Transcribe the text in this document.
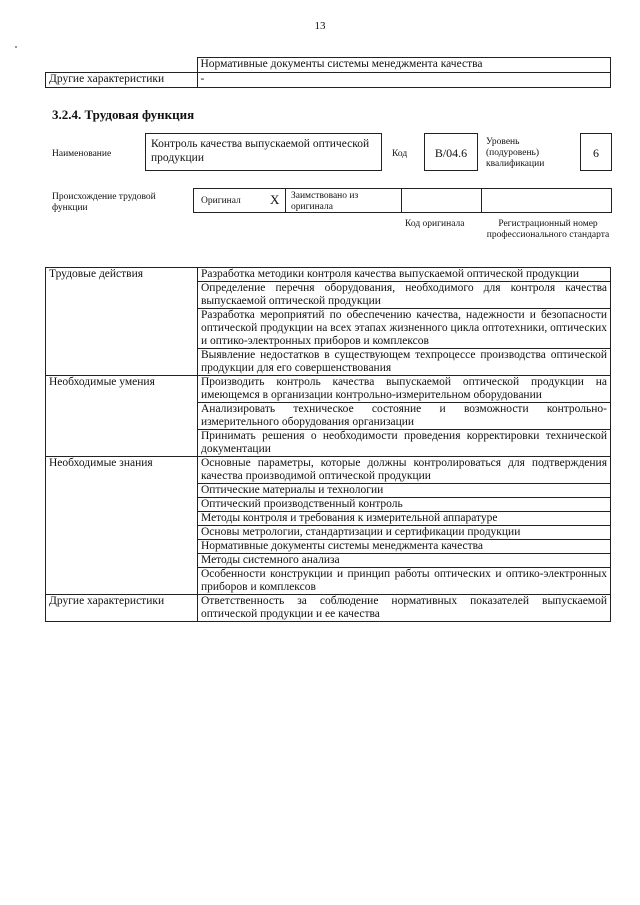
13
	Нормативные документы системы менеджмента качества
Другие характеристики	-
3.2.4. Трудовая функция
Наименование
Контроль качества выпускаемой оптической продукции	Код	B/04.6
Уровень (подуровень) квалификации
6
Происхождение трудовой функции
Оригинал X Заимствовано из оригинала
Код оригинала	Регистрационный номер профессионального стандарта
Трудовые действия	Разработка методики контроля качества выпускаемой оптической продукции
	Определение перечня оборудования, необходимого для контроля качества выпускаемой оптической продукции
	Разработка мероприятий по обеспечению качества, надежности и безопасности оптической продукции на всех этапах жизненного цикла оптотехники, оптических и оптико-электронных приборов и комплексов
	Выявление недостатков в существующем техпроцессе производства оптической продукции для его совершенствования
Необходимые умения	Производить контроль качества выпускаемой оптической продукции на имеющемся в организации контрольно-измерительном оборудовании
	Анализировать техническое состояние и возможности контрольно-измерительного оборудования организации
	Принимать решения о необходимости проведения корректировки технической документации
Необходимые знания	Основные параметры, которые должны контролироваться для подтверждения качества производимой оптической продукции
	Оптические материалы и технологии
	Оптический производственный контроль
	Методы контроля и требования к измерительной аппаратуре
	Основы метрологии, стандартизации и сертификации продукции
	Нормативные документы системы менеджмента качества
	Методы системного анализа
	Особенности конструкции и принцип работы оптических и оптико-электронных приборов и комплексов
Другие характеристики	Ответственность за соблюдение нормативных показателей выпускаемой оптической продукции и ее качества
